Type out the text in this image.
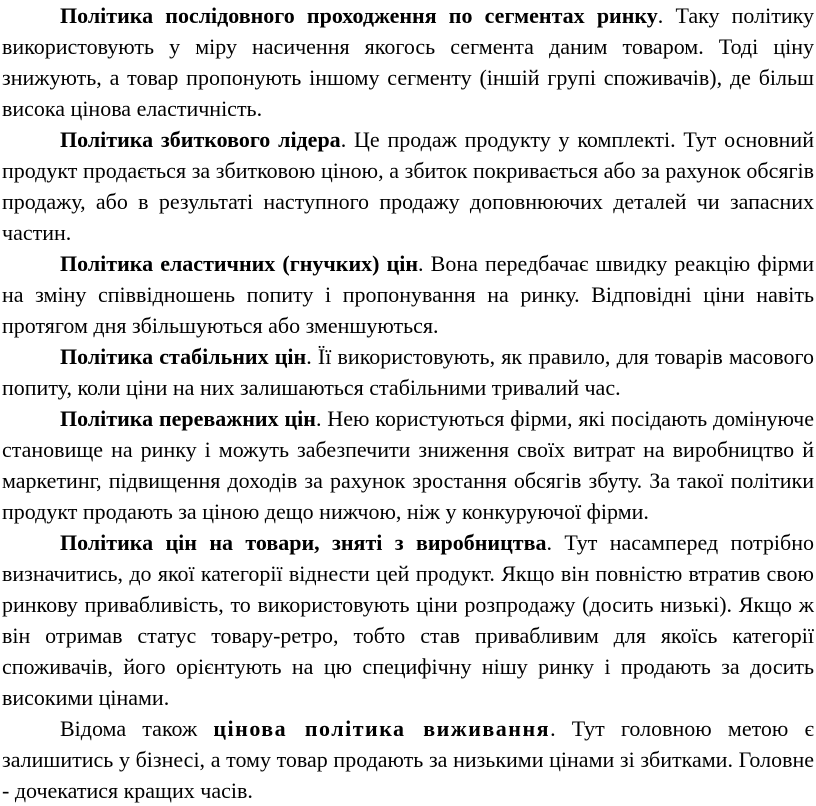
Політика послідовного проходження по сегментах ринку. Таку політику використовують у міру насичення якогось сегмента даним товаром. Тоді ціну знижують, а товар пропонують іншому сегменту (іншій групі споживачів), де більш висока цінова еластичність.

Політика збиткового лідера. Це продаж продукту у комплекті. Тут основний продукт продається за збитковою ціною, а збиток покривається або за рахунок обсягів продажу, або в результаті наступного продажу доповнюючих деталей чи запасних частин.

Політика еластичних (гнучких) цін. Вона передбачає швидку реакцію фірми на зміну співвідношень попиту і пропонування на ринку. Відповідні ціни навіть протягом дня збільшуються або зменшуються.

Політика стабільних цін. Її використовують, як правило, для товарів масового попиту, коли ціни на них залишаються стабільними тривалий час.

Політика переважних цін. Нею користуються фірми, які посідають домінуюче становище на ринку і можуть забезпечити зниження своїх витрат на виробництво й маркетинг, підвищення доходів за рахунок зростання обсягів збуту. За такої політики продукт продають за ціною дещо нижчою, ніж у конкуруючої фірми.

Політика цін на товари, зняті з виробництва. Тут насамперед потрібно визначитись, до якої категорії віднести цей продукт. Якщо він повністю втратив свою ринкову привабливість, то використовують ціни розпродажу (досить низькі). Якщо ж він отримав статус товару-ретро, тобто став привабливим для якоїсь категорії споживачів, його орієнтують на цю специфічну нішу ринку і продають за досить високими цінами.

Відома також цінова політика виживання. Тут головною метою є залишитись у бізнесі, а тому товар продають за низькими цінами зі збитками. Головне - дочекатися кращих часів.
